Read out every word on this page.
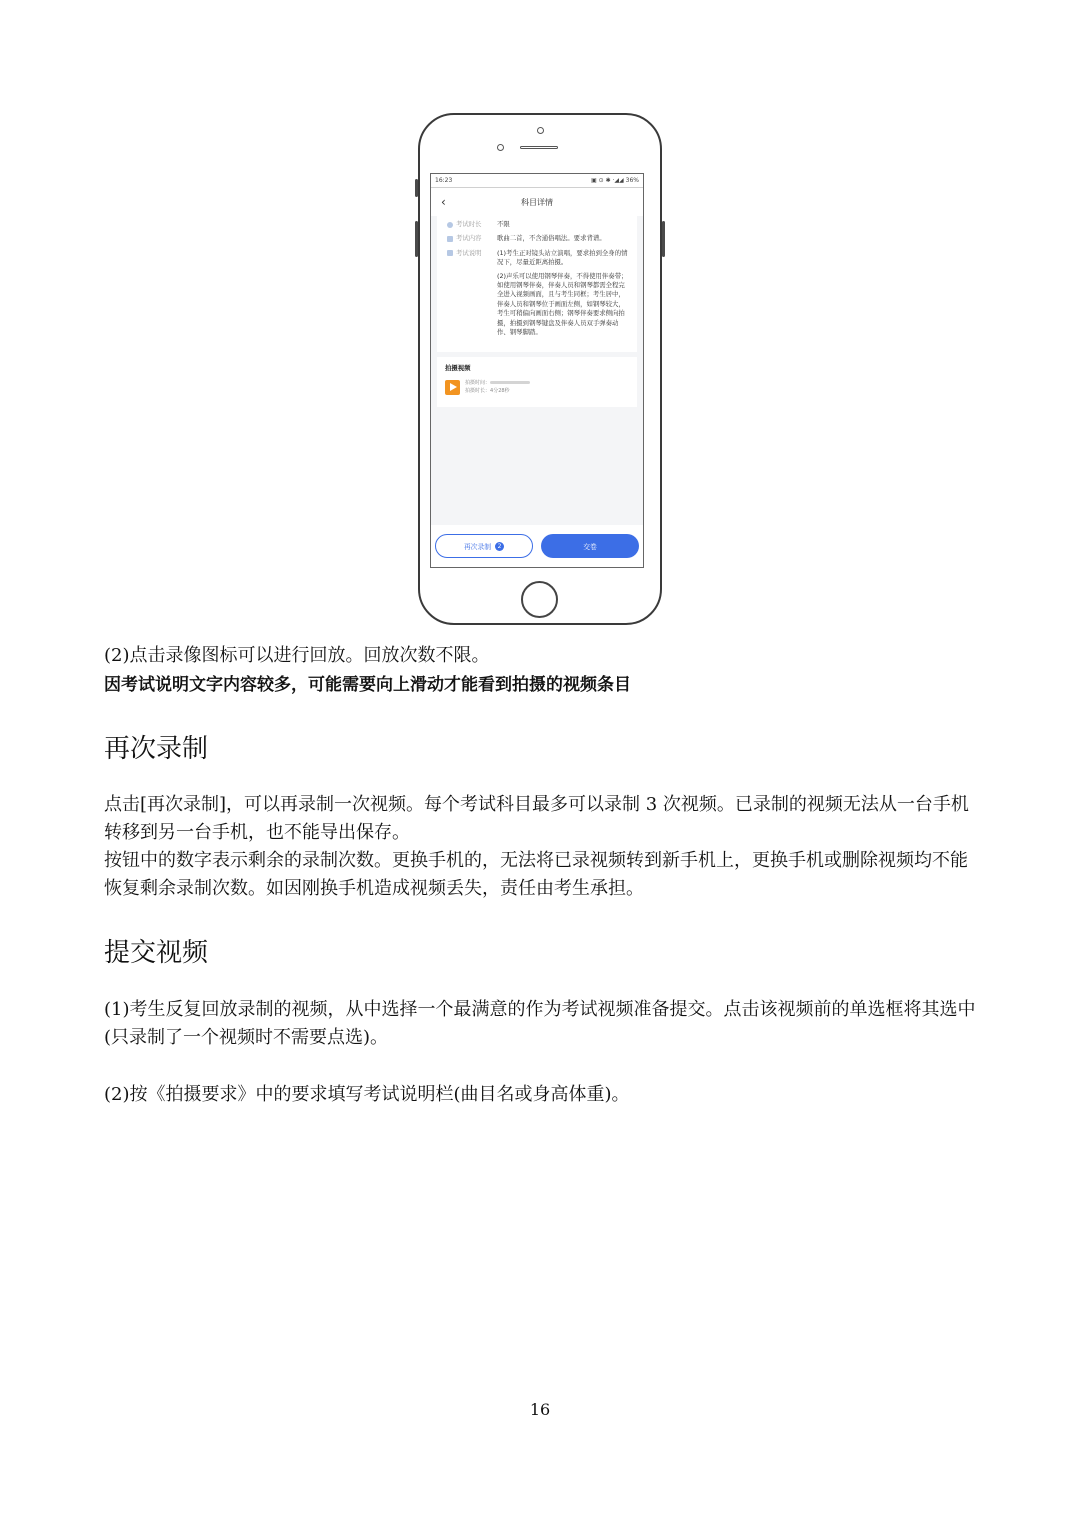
16:23	▣ ⊙ ✱ ·◢◢ 36%
‹	科目详情
考试时长 不限
考试内容 歌曲二首，不含通俗唱法。要求背谱。
考试说明 (1)考生正对镜头站立演唱，要求拍到全身的情况下，尽量近距离拍摄。

(2)声乐可以使用钢琴伴奏，不得使用伴奏带；如使用钢琴伴奏，伴奏人员和钢琴都需全程完全进入视频画面，且与考生同框；考生居中，伴奏人员和钢琴位于画面左侧，如钢琴较大，考生可稍偏向画面右侧；钢琴伴奏要求侧向拍摄，拍摄到钢琴键盘及伴奏人员双手弹奏动作、钢琴脚踏。

拍摄视频
拍摄时间：
拍摄时长：4分28秒
再次录制	2	交卷

(2)点击录像图标可以进行回放。回放次数不限。

因考试说明文字内容较多，可能需要向上滑动才能看到拍摄的视频条目

再次录制

点击[再次录制]，可以再录制一次视频。每个考试科目最多可以录制 3 次视频。已录制的视频无法从一台手机转移到另一台手机，也不能导出保存。

按钮中的数字表示剩余的录制次数。更换手机的，无法将已录视频转到新手机上，更换手机或删除视频均不能恢复剩余录制次数。如因刚换手机造成视频丢失，责任由考生承担。

提交视频

(1)考生反复回放录制的视频，从中选择一个最满意的作为考试视频准备提交。点击该视频前的单选框将其选中(只录制了一个视频时不需要点选)。

(2)按《拍摄要求》中的要求填写考试说明栏(曲目名或身高体重)。

16
